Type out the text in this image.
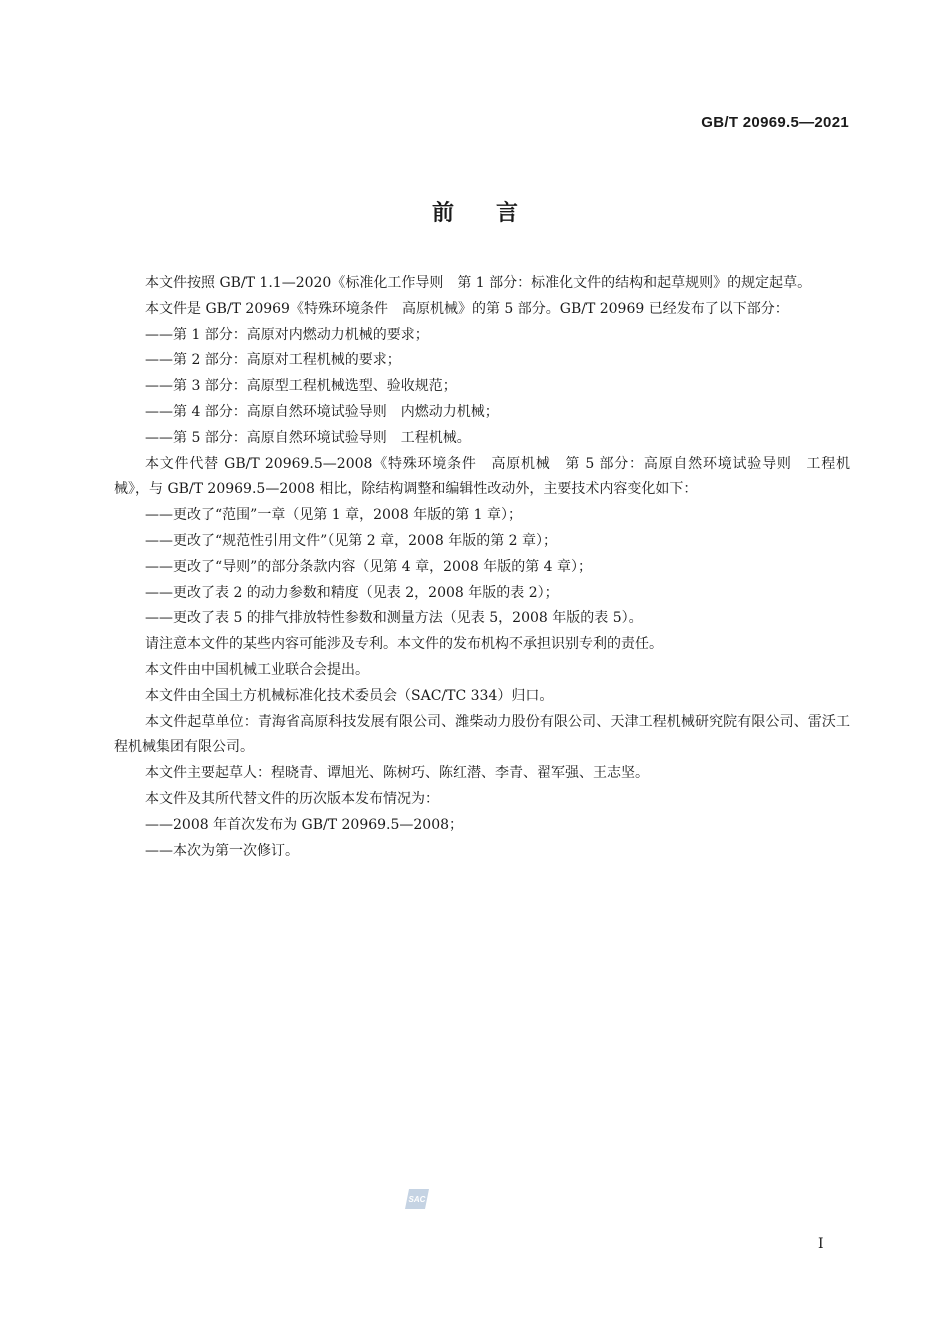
GB/T 20969.5—2021
前言

本文件按照 GB/T 1.1—2020《标准化工作导则　第 1 部分：标准化文件的结构和起草规则》的规定起草。

本文件是 GB/T 20969《特殊环境条件　高原机械》的第 5 部分。GB/T 20969 已经发布了以下部分：

——第 1 部分：高原对内燃动力机械的要求；
——第 2 部分：高原对工程机械的要求；
——第 3 部分：高原型工程机械选型、验收规范；
——第 4 部分：高原自然环境试验导则　内燃动力机械；
——第 5 部分：高原自然环境试验导则　工程机械。

本文件代替 GB/T 20969.5—2008《特殊环境条件　高原机械　第 5 部分：高原自然环境试验导则　工程机械》，与 GB/T 20969.5—2008 相比，除结构调整和编辑性改动外，主要技术内容变化如下：

——更改了“范围”一章（见第 1 章，2008 年版的第 1 章）；
——更改了“规范性引用文件”（见第 2 章，2008 年版的第 2 章）；
——更改了“导则”的部分条款内容（见第 4 章，2008 年版的第 4 章）；
——更改了表 2 的动力参数和精度（见表 2，2008 年版的表 2）；
——更改了表 5 的排气排放特性参数和测量方法（见表 5，2008 年版的表 5）。

请注意本文件的某些内容可能涉及专利。本文件的发布机构不承担识别专利的责任。

本文件由中国机械工业联合会提出。

本文件由全国土方机械标准化技术委员会（SAC/TC 334）归口。

本文件起草单位：青海省高原科技发展有限公司、潍柴动力股份有限公司、天津工程机械研究院有限公司、雷沃工程机械集团有限公司。

本文件主要起草人：程晓青、谭旭光、陈树巧、陈红潜、李青、翟军强、王志坚。

本文件及其所代替文件的历次版本发布情况为：

——2008 年首次发布为 GB/T 20969.5—2008；
——本次为第一次修订。
SAC
I
